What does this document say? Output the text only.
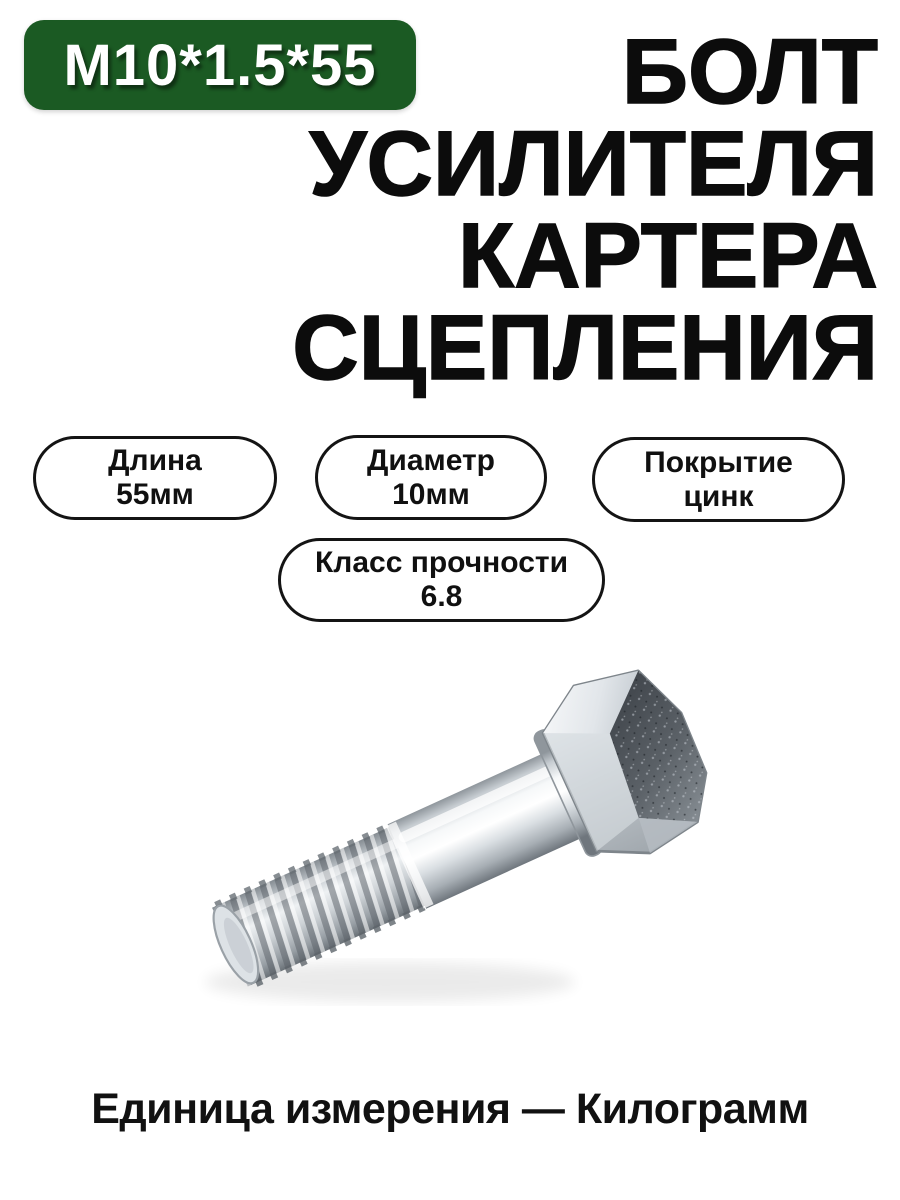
М10*1.5*55	БОЛТ
УСИЛИТЕЛЯ
КАРТЕРА
СЦЕПЛЕНИЯ
Длина
55мм
Диаметр
10мм
Покрытие
цинк
Класс прочности
6.8
Единица измерения — Килограмм
